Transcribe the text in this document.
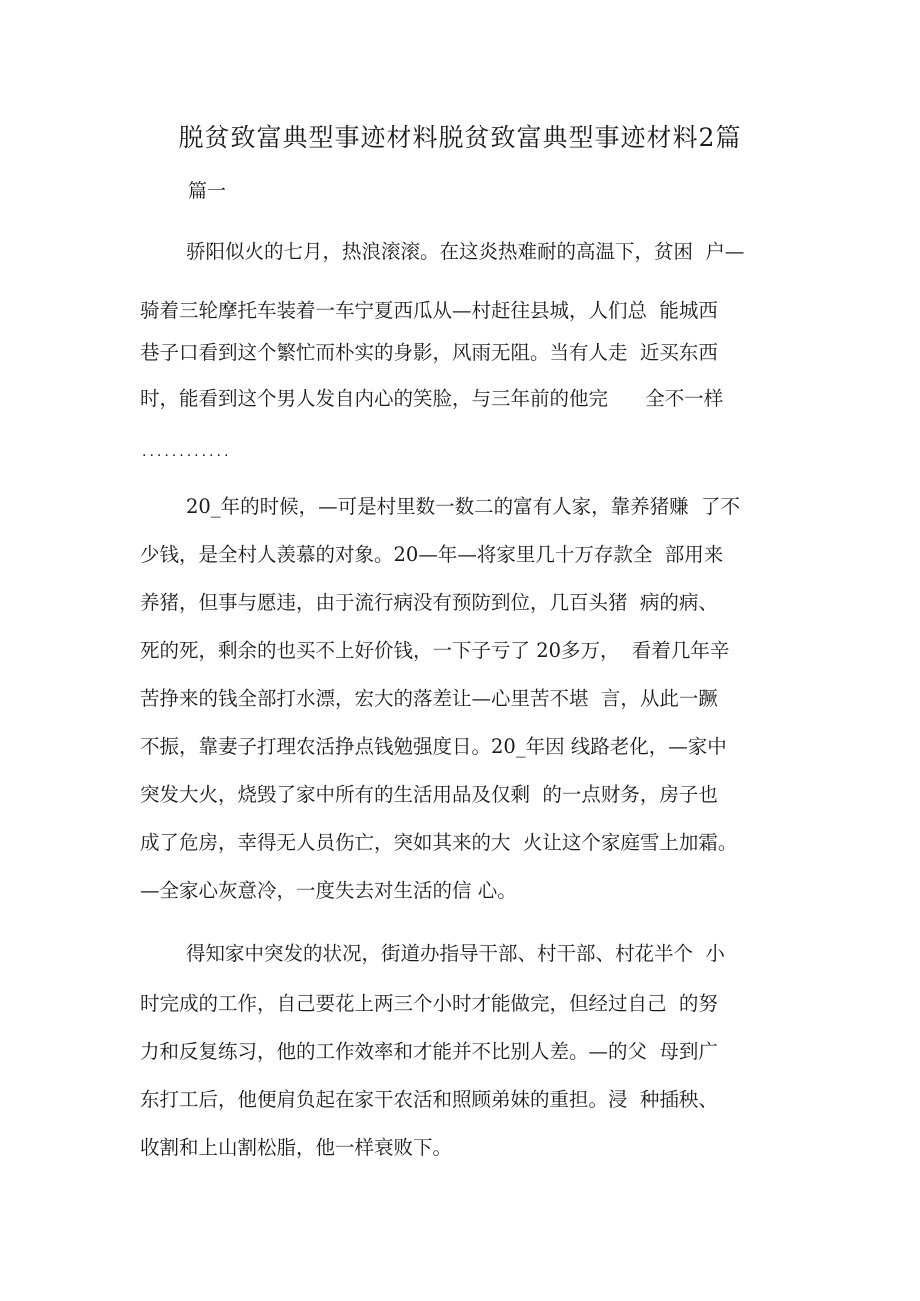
脱贫致富典型事迹材料脱贫致富典型事迹材料2篇
篇一
骄阳似火的七月，热浪滚滚。在这炎热难耐的高温下，贫困  户—
骑着三轮摩托车装着一车宁夏西瓜从—村赶往县城，人们总  能城西
巷子口看到这个繁忙而朴实的身影，风雨无阻。当有人走  近买东西
时，能看到这个男人发自内心的笑脸，与三年前的他完      全不一样
............
20_年的时候，—可是村里数一数二的富有人家，靠养猪赚  了不
少钱，是全村人羡慕的对象。20—年—将家里几十万存款全  部用来
养猪，但事与愿违，由于流行病没有预防到位，几百头猪  病的病、
死的死，剩余的也买不上好价钱，一下子亏了 20多万，  看着几年辛
苦挣来的钱全部打水漂，宏大的落差让—心里苦不堪  言，从此一蹶
不振，靠妻子打理农活挣点钱勉强度日。20_年因 线路老化，—家中
突发大火，烧毁了家中所有的生活用品及仅剩  的一点财务，房子也
成了危房，幸得无人员伤亡，突如其来的大  火让这个家庭雪上加霜。
—全家心灰意冷，一度失去对生活的信 心。
得知家中突发的状况，街道办指导干部、村干部、村花半个  小
时完成的工作，自己要花上两三个小时才能做完，但经过自己  的努
力和反复练习，他的工作效率和才能并不比别人差。—的父  母到广
东打工后，他便肩负起在家干农活和照顾弟妹的重担。浸  种插秧、
收割和上山割松脂，他一样衰败下。
